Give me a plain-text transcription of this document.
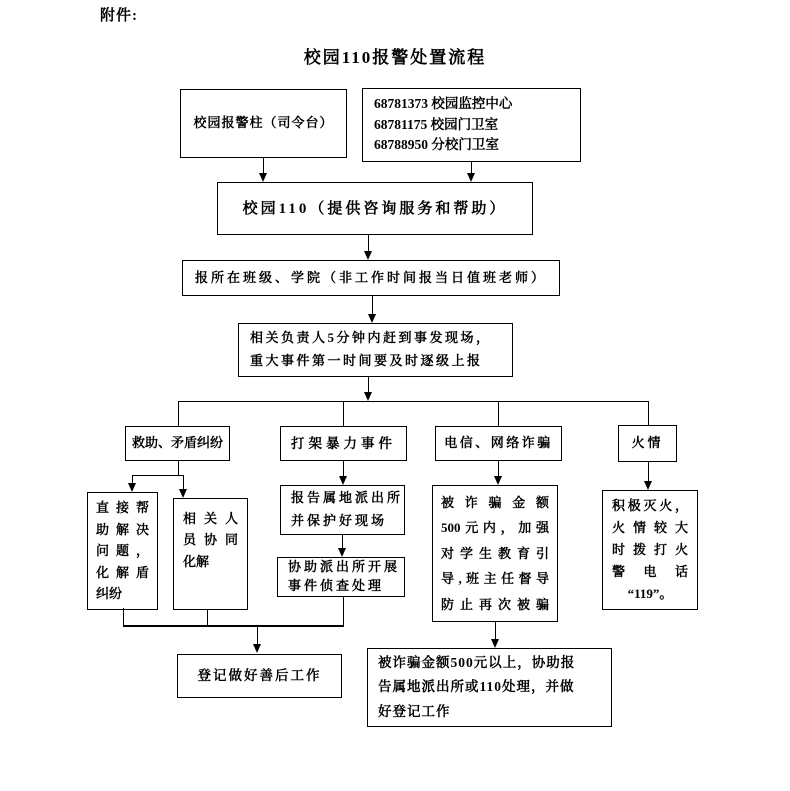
附件:
校园110报警处置流程
校园报警柱（司令台）
68781373 校园监控中心
68781175 校园门卫室
68788950 分校门卫室
校园110（提供咨询服务和帮助）
报所在班级、学院（非工作时间报当日值班老师）
相关负责人5分钟内赶到事发现场，
重大事件第一时间要及时逐级上报
救助、矛盾纠纷	打架暴力事件	电信、网络诈骗	火情
直接帮
助解决
问题，
化解盾
纠纷
相关人
员协同
化解
报告属地派出所
并保护好现场
协助派出所开展
事件侦查处理
被诈骗金额
500元内，加强
对学生教育引
导,班主任督导
防止再次被骗
积极灭火，
火情较大
时拨打火
警电话
“119”。
登记做好善后工作
被诈骗金额500元以上，协助报
告属地派出所或110处理，并做
好登记工作
